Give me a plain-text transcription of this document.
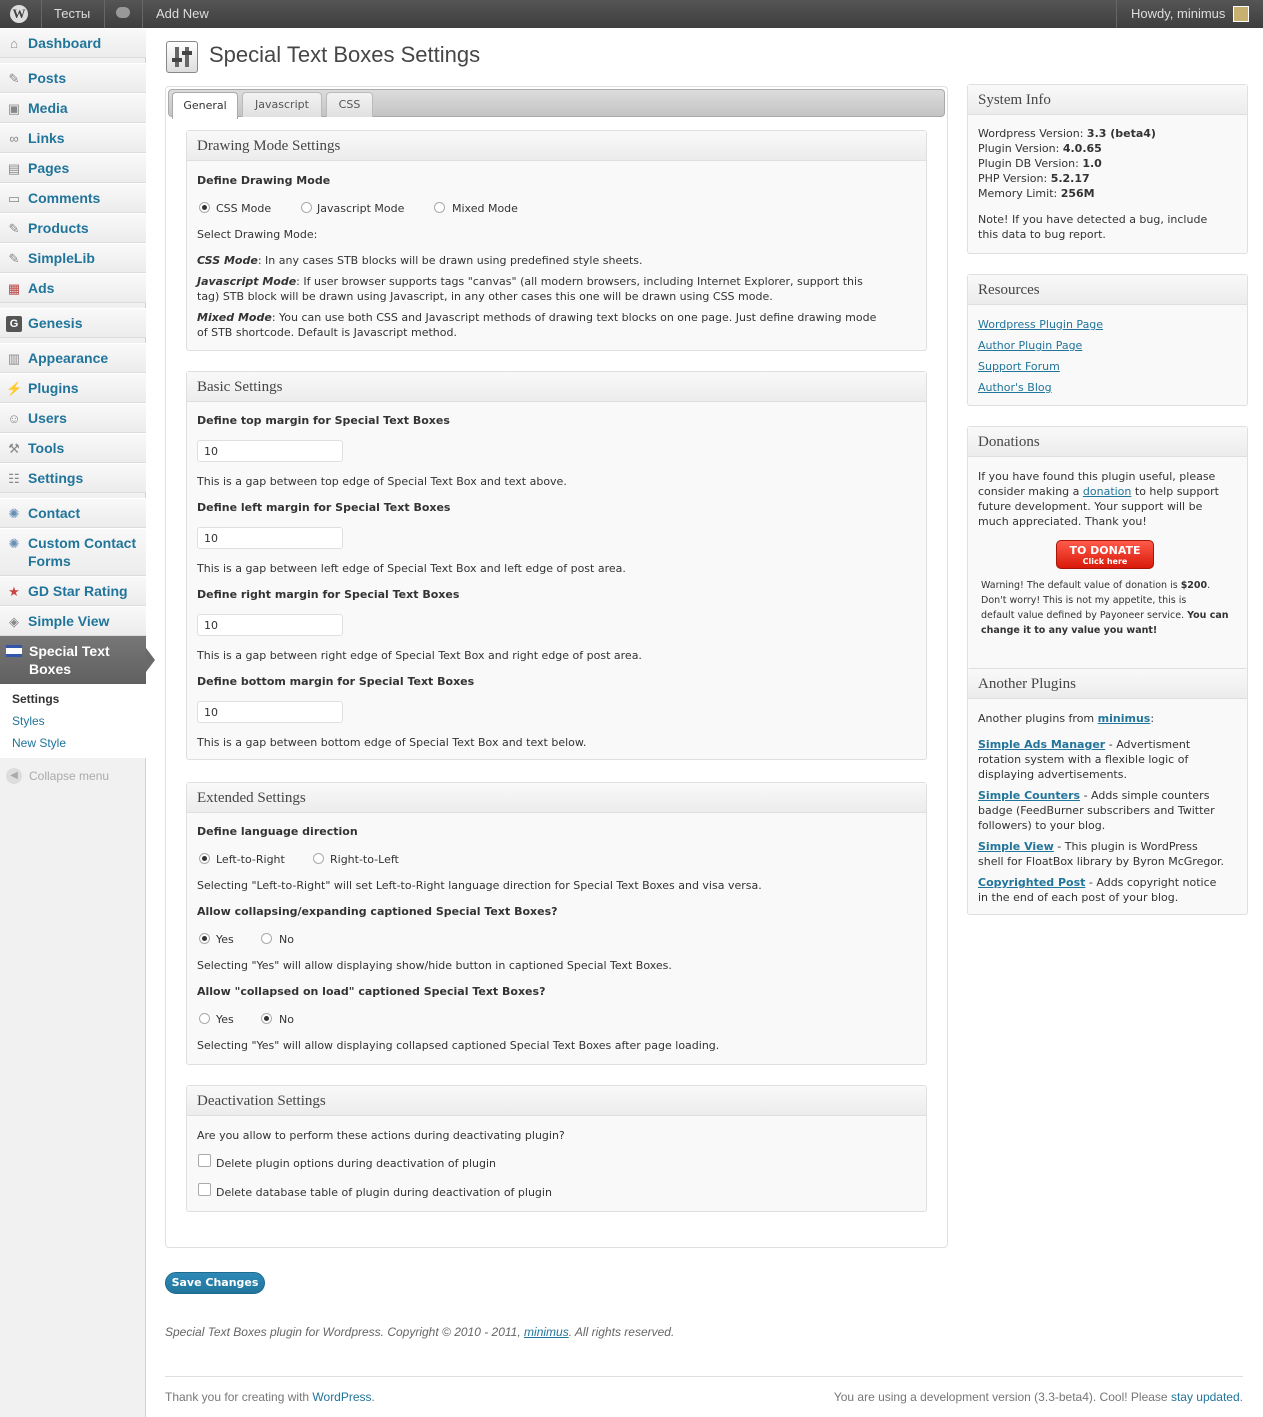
W Тесты	Add New	Howdy, minimus
⌂ Dashboard
✎ Posts
▣ Media
∞ Links
▤ Pages
▭ Comments
✎ Products
✎ SimpleLib
▦ Ads
G Genesis
▥ Appearance
⚡ Plugins
☺ Users
⚒ Tools
☷ Settings
✺ Contact
✺ Custom Contact
Forms
★ GD Star Rating
◈ Simple View
Special Text
Boxes
Settings
Styles
New Style
◀ Collapse menu
Special Text Boxes Settings
General	Javascript	CSS
Drawing Mode Settings
Define Drawing Mode
CSS Mode	Javascript Mode	Mixed Mode
Select Drawing Mode:
CSS Mode: In any cases STB blocks will be drawn using predefined style sheets.
Javascript Mode: If user browser supports tags "canvas" (all modern browsers, including Internet Explorer, support this
tag) STB block will be drawn using Javascript, in any other cases this one will be drawn using CSS mode.
Mixed Mode: You can use both CSS and Javascript methods of drawing text blocks on one page. Just define drawing mode
of STB shortcode. Default is Javascript method.
Basic Settings
Define top margin for Special Text Boxes
10
This is a gap between top edge of Special Text Box and text above.
Define left margin for Special Text Boxes
10
This is a gap between left edge of Special Text Box and left edge of post area.
Define right margin for Special Text Boxes
10
This is a gap between right edge of Special Text Box and right edge of post area.
Define bottom margin for Special Text Boxes
10
This is a gap between bottom edge of Special Text Box and text below.
Extended Settings
Define language direction
Left-to-Right	Right-to-Left
Selecting "Left-to-Right" will set Left-to-Right language direction for Special Text Boxes and visa versa.
Allow collapsing/expanding captioned Special Text Boxes?
Yes	No
Selecting "Yes" will allow displaying show/hide button in captioned Special Text Boxes.
Allow "collapsed on load" captioned Special Text Boxes?
Yes	No
Selecting "Yes" will allow displaying collapsed captioned Special Text Boxes after page loading.
Deactivation Settings
Are you allow to perform these actions during deactivating plugin?
Delete plugin options during deactivation of plugin
Delete database table of plugin during deactivation of plugin
Save Changes
Special Text Boxes plugin for Wordpress. Copyright © 2010 - 2011, minimus. All rights reserved.
Thank you for creating with WordPress.	You are using a development version (3.3-beta4). Cool! Please stay updated.
System Info
Wordpress Version: 3.3 (beta4)
Plugin Version: 4.0.65
Plugin DB Version: 1.0
PHP Version: 5.2.17
Memory Limit: 256M
Note! If you have detected a bug, include
this data to bug report.
Resources
Wordpress Plugin Page
Author Plugin Page
Support Forum
Author's Blog
Donations
If you have found this plugin useful, please
consider making a donation to help support
future development. Your support will be
much appreciated. Thank you!
TO DONATE
Click here
Warning! The default value of donation is $200.
Don't worry! This is not my appetite, this is
default value defined by Payoneer service. You can
change it to any value you want!
Another Plugins
Another plugins from minimus:
Simple Ads Manager - Advertisment
rotation system with a flexible logic of
displaying advertisements.
Simple Counters - Adds simple counters
badge (FeedBurner subscribers and Twitter
followers) to your blog.
Simple View - This plugin is WordPress
shell for FloatBox library by Byron McGregor.
Copyrighted Post - Adds copyright notice
in the end of each post of your blog.
